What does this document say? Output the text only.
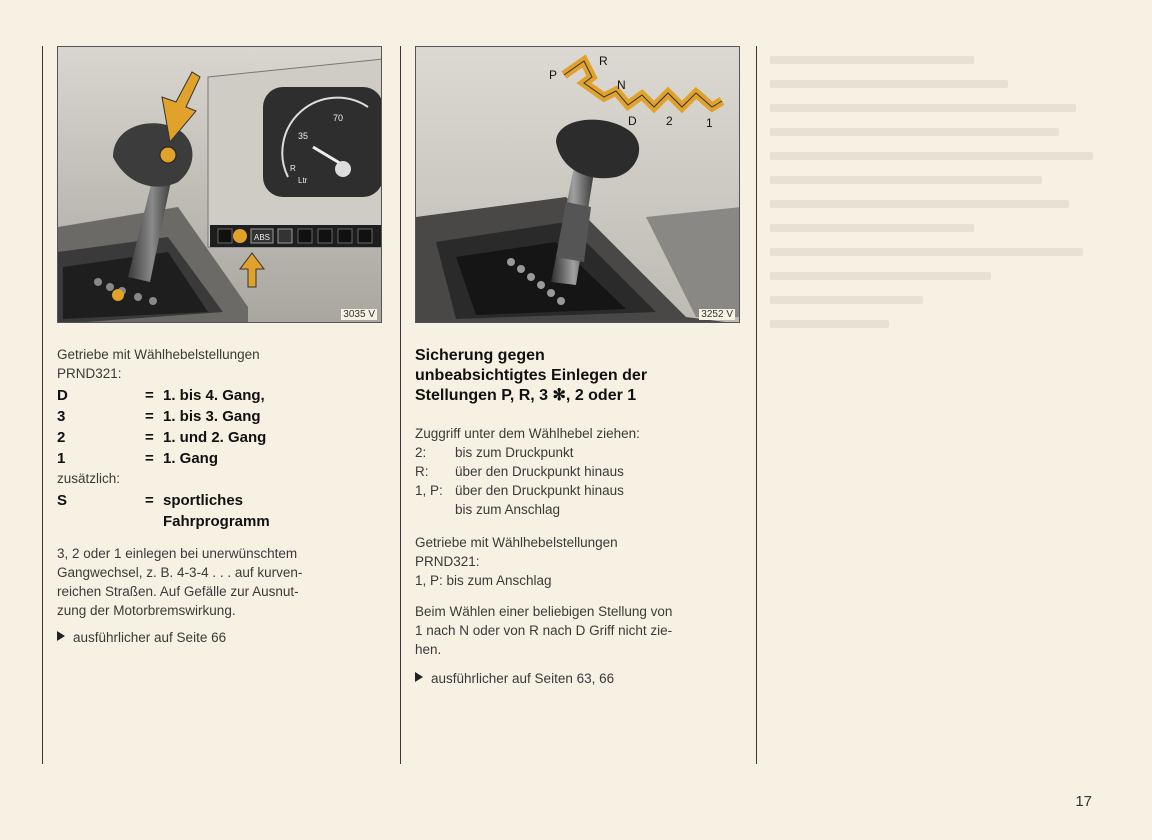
35
70
R
Ltr
ABS
3035 V
Getriebe mit Wählhebelstellungen
PRND321:
D	= 1. bis 4. Gang,
3	= 1. bis 3. Gang
2	= 1. und 2. Gang
1	= 1. Gang
zusätzlich:
S	= sportliches
Fahrprogramm
3, 2 oder 1 einlegen bei unerwünschtem
Gangwechsel, z. B. 4-3-4 . . . auf kurven-
reichen Straßen. Auf Gefälle zur Ausnut-
zung der Motorbremswirkung.
ausführlicher auf Seite 66
P
R
N
D 2	1
3252 V
Sicherung gegen
unbeabsichtigtes Einlegen der
Stellungen P, R, 3 ✻, 2 oder 1
Zuggriff unter dem Wählhebel ziehen:
2:	bis zum Druckpunkt
R:	über den Druckpunkt hinaus
1, P: über den Druckpunkt hinaus
bis zum Anschlag
Getriebe mit Wählhebelstellungen
PRND321:
1, P: bis zum Anschlag
Beim Wählen einer beliebigen Stellung von
1 nach N oder von R nach D Griff nicht zie-
hen.
ausführlicher auf Seiten 63, 66
17
